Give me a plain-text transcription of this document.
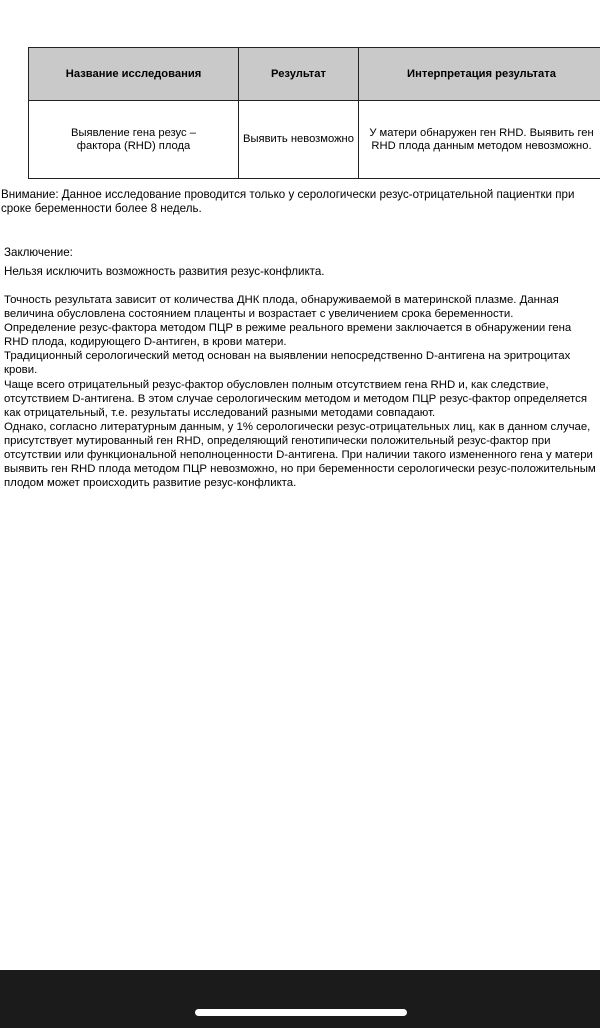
Название исследования	Результат	Интерпретация результата
Выявление гена резус – фактора (RHD) плода	Выявить невозможно	У матери обнаружен ген RHD. Выявить ген RHD плода данным методом невозможно.
Внимание: Данное исследование проводится только у серологически резус-отрицательной пациентки при сроке беременности более 8 недель.
Заключение:
Нельзя исключить возможность развития резус-конфликта.

Точность результата зависит от количества ДНК плода, обнаруживаемой в материнской плазме. Данная величина обусловлена состоянием плаценты и возрастает с увеличением срока беременности.

Определение резус-фактора методом ПЦР в режиме реального времени заключается в обнаружении гена RHD плода, кодирующего D-антиген, в крови матери.

Традиционный серологический метод основан на выявлении непосредственно D-антигена на эритроцитах крови.

Чаще всего отрицательный резус-фактор обусловлен полным отсутствием гена RHD и, как следствие, отсутствием D-антигена. В этом случае серологическим методом и методом ПЦР резус-фактор определяется как отрицательный, т.е. результаты исследований разными методами совпадают.

Однако, согласно литературным данным, у 1% серологически резус-отрицательных лиц, как в данном случае, присутствует мутированный ген RHD, определяющий генотипически положительный резус-фактор при отсутствии или функциональной неполноценности D-антигена. При наличии такого измененного гена у матери выявить ген RHD плода методом ПЦР невозможно, но при беременности серологически резус-положительным плодом может происходить развитие резус-конфликта.
